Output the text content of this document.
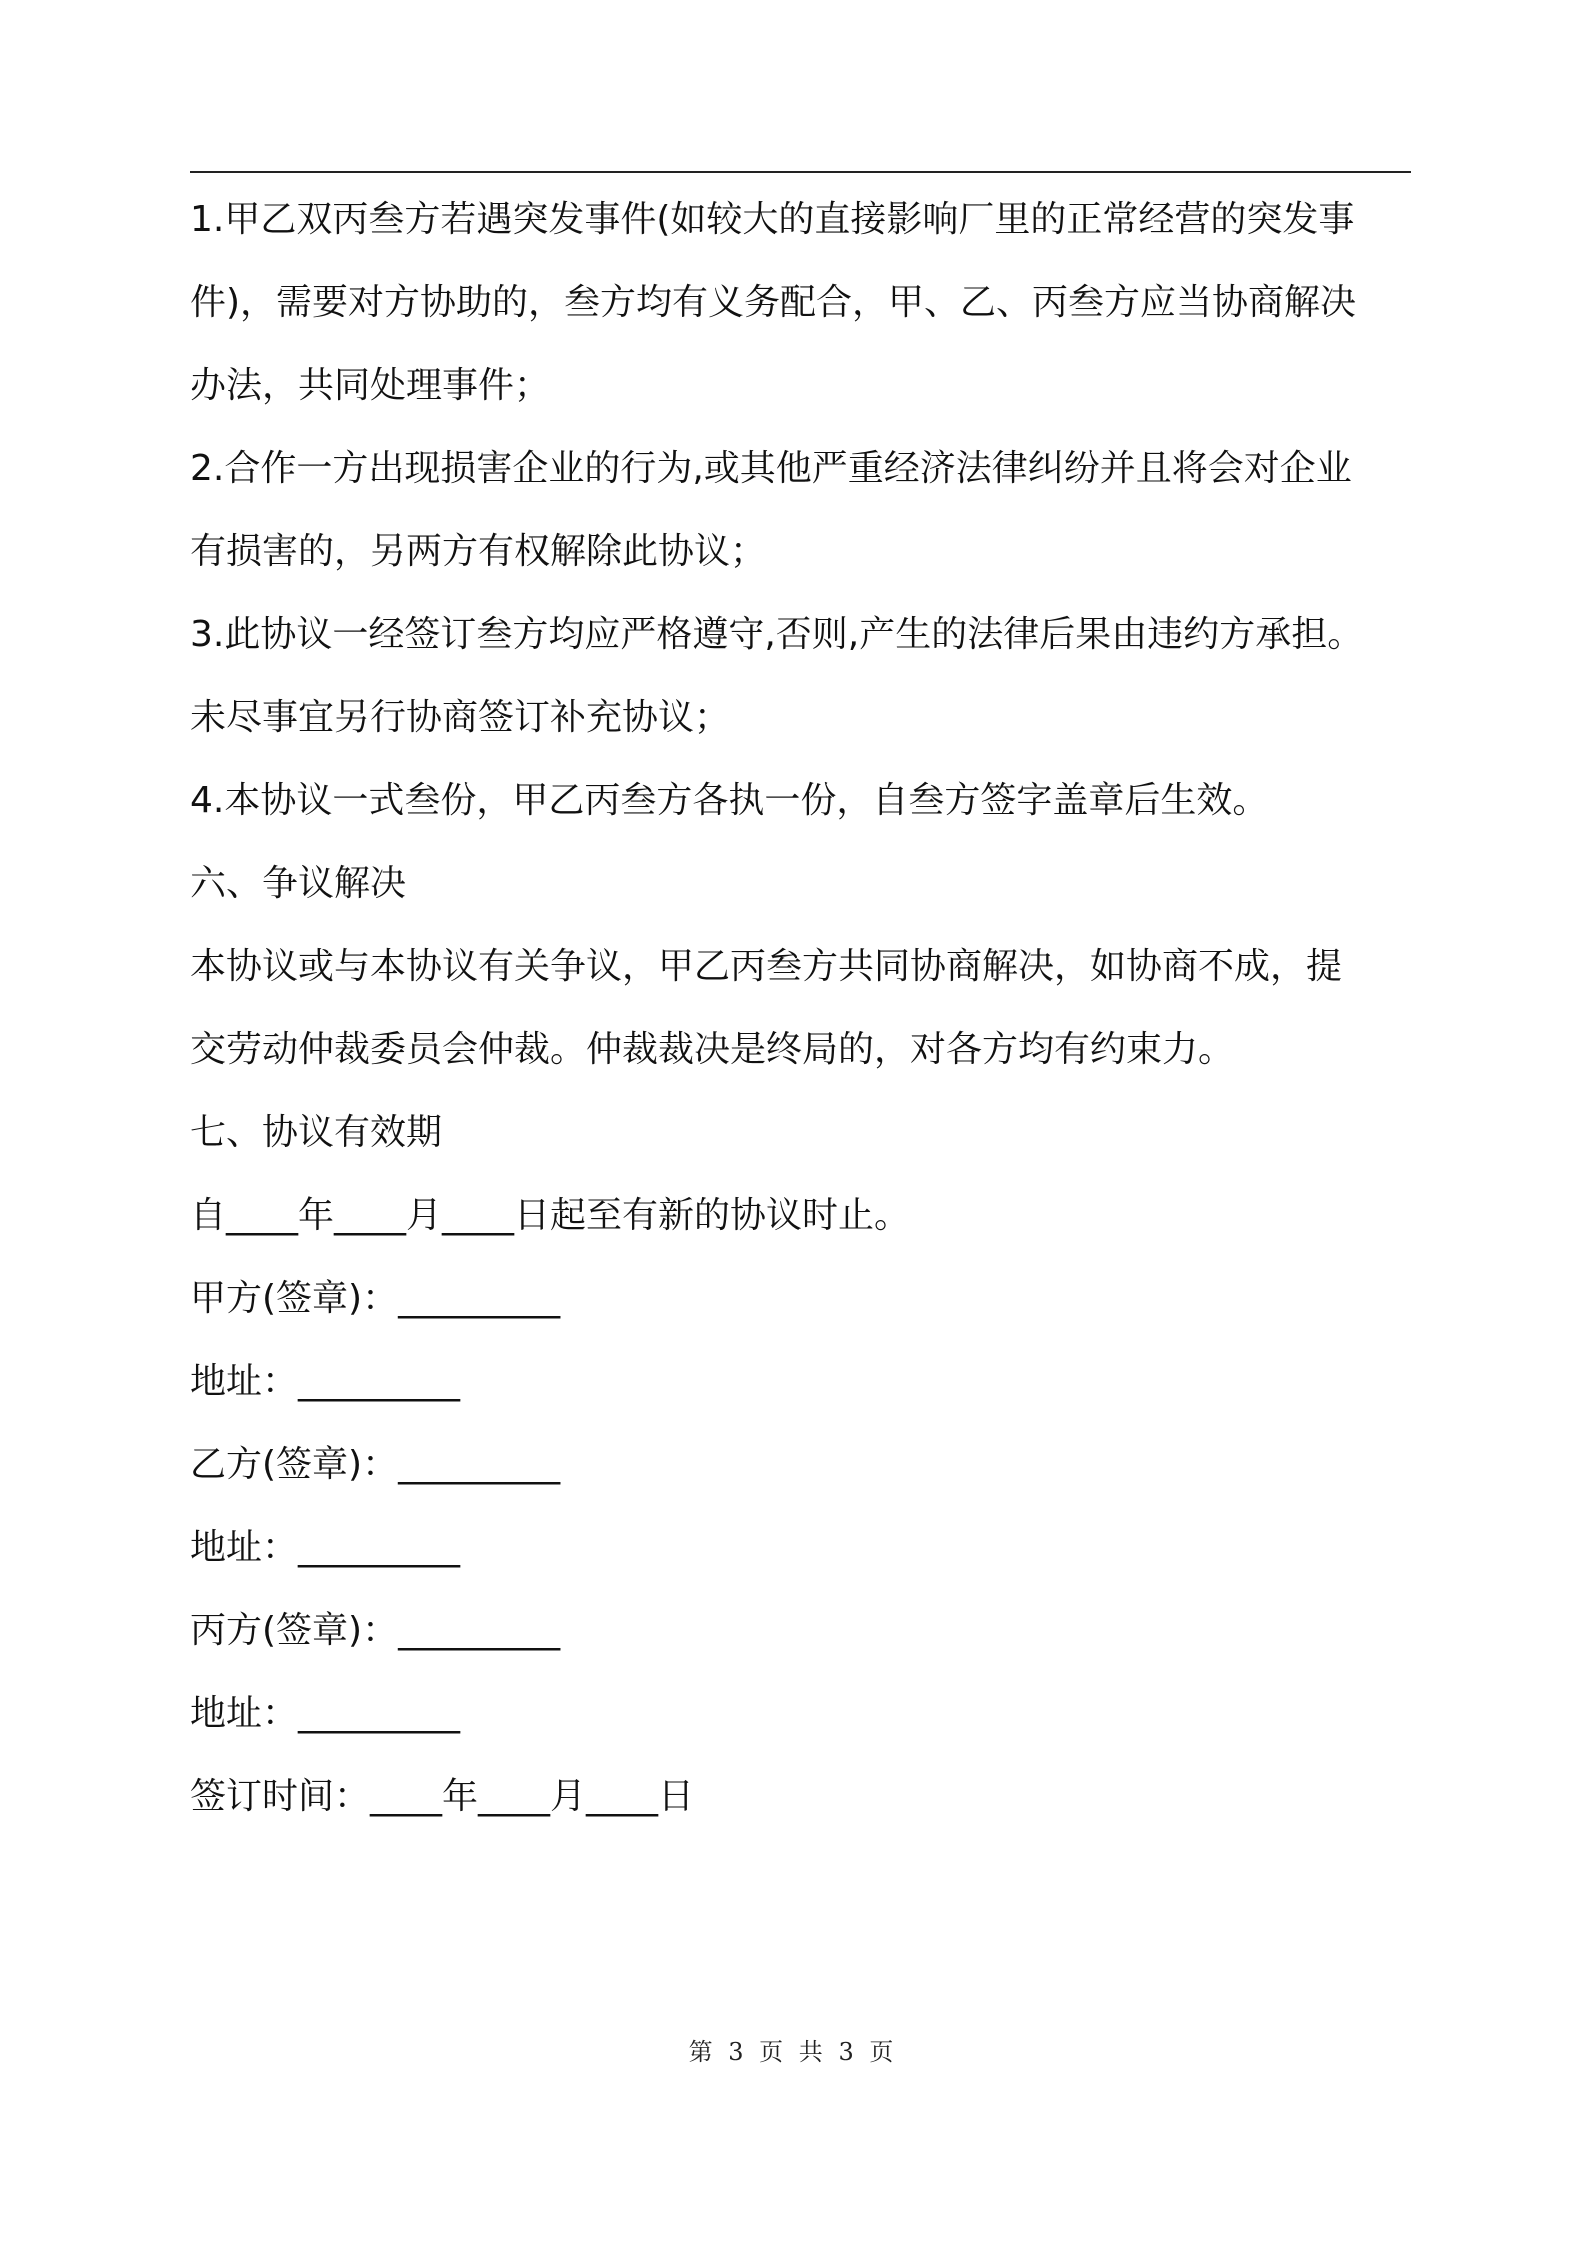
1.甲乙双丙叁方若遇突发事件(如较大的直接影响厂里的正常经营的突发事
件)，需要对方协助的，叁方均有义务配合，甲、乙、丙叁方应当协商解决
办法，共同处理事件；
2.合作一方出现损害企业的行为,或其他严重经济法律纠纷并且将会对企业
有损害的，另两方有权解除此协议；
3.此协议一经签订叁方均应严格遵守,否则,产生的法律后果由违约方承担。
未尽事宜另行协商签订补充协议；
4.本协议一式叁份，甲乙丙叁方各执一份，自叁方签字盖章后生效。
六、争议解决
本协议或与本协议有关争议，甲乙丙叁方共同协商解决，如协商不成，提
交劳动仲裁委员会仲裁。仲裁裁决是终局的，对各方均有约束力。
七、协议有效期
自____年____月____日起至有新的协议时止。
甲方(签章)：_________
地址：_________
乙方(签章)：_________
地址：_________
丙方(签章)：_________
地址：_________
签订时间：____年____月____日
第 3 页 共 3 页
